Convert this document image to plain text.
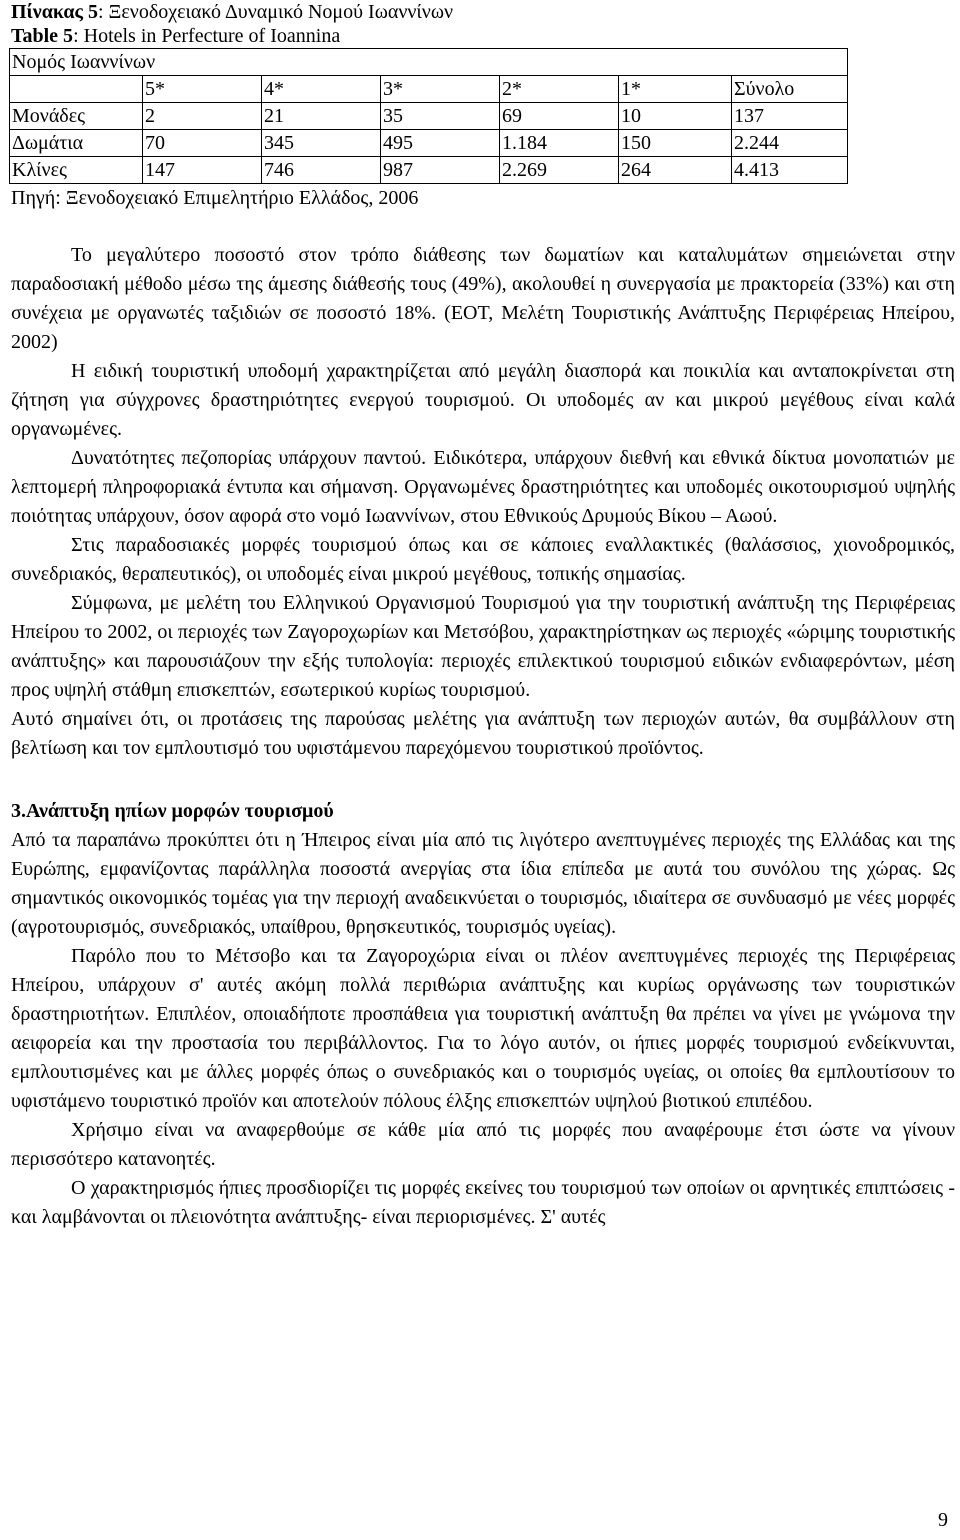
Πίνακας 5: Ξενοδοχειακό Δυναμικό Νομού Ιωαννίνων

Table 5: Hotels in Perfecture of Ioannina

Νομός Ιωαννίνων						
	5*	4*	3*	2*	1*	Σύνολο
Μονάδες	2	21	35	69	10	137
Δωμάτια	70	345	495	1.184	150	2.244
Κλίνες	147	746	987	2.269	264	4.413

Πηγή: Ξενοδοχειακό Επιμελητήριο Ελλάδος, 2006

Το μεγαλύτερο ποσοστό στον τρόπο διάθεσης των δωματίων και καταλυμάτων σημειώνεται στην παραδοσιακή μέθοδο μέσω της άμεσης διάθεσής τους (49%), ακολουθεί η συνεργασία με πρακτορεία (33%) και στη συνέχεια με οργανωτές ταξιδιών σε ποσοστό 18%. (ΕΟΤ, Μελέτη Τουριστικής Ανάπτυξης Περιφέρειας Ηπείρου, 2002)

Η ειδική τουριστική υποδομή χαρακτηρίζεται από μεγάλη διασπορά και ποικιλία και ανταποκρίνεται στη ζήτηση για σύγχρονες δραστηριότητες ενεργού τουρισμού. Οι υποδομές αν και μικρού μεγέθους είναι καλά οργανωμένες.

Δυνατότητες πεζοπορίας υπάρχουν παντού. Ειδικότερα, υπάρχουν διεθνή και εθνικά δίκτυα μονοπατιών με λεπτομερή πληροφοριακά έντυπα και σήμανση. Οργανωμένες δραστηριότητες και υποδομές οικοτουρισμού υψηλής ποιότητας υπάρχουν, όσον αφορά στο νομό Ιωαννίνων, στου Εθνικούς Δρυμούς Βίκου – Αωού.

Στις παραδοσιακές μορφές τουρισμού όπως και σε κάποιες εναλλακτικές (θαλάσσιος, χιονοδρομικός, συνεδριακός, θεραπευτικός), οι υποδομές είναι μικρού μεγέθους, τοπικής σημασίας.

Σύμφωνα, με μελέτη του Ελληνικού Οργανισμού Τουρισμού για την τουριστική ανάπτυξη της Περιφέρειας Ηπείρου το 2002, οι περιοχές των Ζαγοροχωρίων και Μετσόβου, χαρακτηρίστηκαν ως περιοχές «ώριμης τουριστικής ανάπτυξης» και παρουσιάζουν την εξής τυπολογία: περιοχές επιλεκτικού τουρισμού ειδικών ενδιαφερόντων, μέση προς υψηλή στάθμη επισκεπτών, εσωτερικού κυρίως τουρισμού.

Αυτό σημαίνει ότι, οι προτάσεις της παρούσας μελέτης για ανάπτυξη των περιοχών αυτών, θα συμβάλλουν στη βελτίωση και τον εμπλουτισμό του υφιστάμενου παρεχόμενου τουριστικού προϊόντος.

3.Ανάπτυξη ηπίων μορφών τουρισμού

Από τα παραπάνω προκύπτει ότι η Ήπειρος είναι μία από τις λιγότερο ανεπτυγμένες περιοχές της Ελλάδας και της Ευρώπης, εμφανίζοντας παράλληλα ποσοστά ανεργίας στα ίδια επίπεδα με αυτά του συνόλου της χώρας. Ως σημαντικός οικονομικός τομέας για την περιοχή αναδεικνύεται ο τουρισμός, ιδιαίτερα σε συνδυασμό με νέες μορφές (αγροτουρισμός, συνεδριακός, υπαίθρου, θρησκευτικός, τουρισμός υγείας).

Παρόλο που το Μέτσοβο και τα Ζαγοροχώρια είναι οι πλέον ανεπτυγμένες περιοχές της Περιφέρειας Ηπείρου, υπάρχουν σ' αυτές ακόμη πολλά περιθώρια ανάπτυξης και κυρίως οργάνωσης των τουριστικών δραστηριοτήτων. Επιπλέον, οποιαδήποτε προσπάθεια για τουριστική ανάπτυξη θα πρέπει να γίνει με γνώμονα την αειφορεία και την προστασία του περιβάλλοντος. Για το λόγο αυτόν, οι ήπιες μορφές τουρισμού ενδείκνυνται, εμπλουτισμένες και με άλλες μορφές όπως ο συνεδριακός και ο τουρισμός υγείας, οι οποίες θα εμπλουτίσουν το υφιστάμενο τουριστικό προϊόν και αποτελούν πόλους έλξης επισκεπτών υψηλού βιοτικού επιπέδου.

Χρήσιμο είναι να αναφερθούμε σε κάθε μία από τις μορφές που αναφέρουμε έτσι ώστε να γίνουν περισσότερο κατανοητές.

Ο χαρακτηρισμός ήπιες προσδιορίζει τις μορφές εκείνες του τουρισμού των οποίων οι αρνητικές επιπτώσεις - και λαμβάνονται οι πλειονότητα ανάπτυξης- είναι περιορισμένες. Σ' αυτές

9
